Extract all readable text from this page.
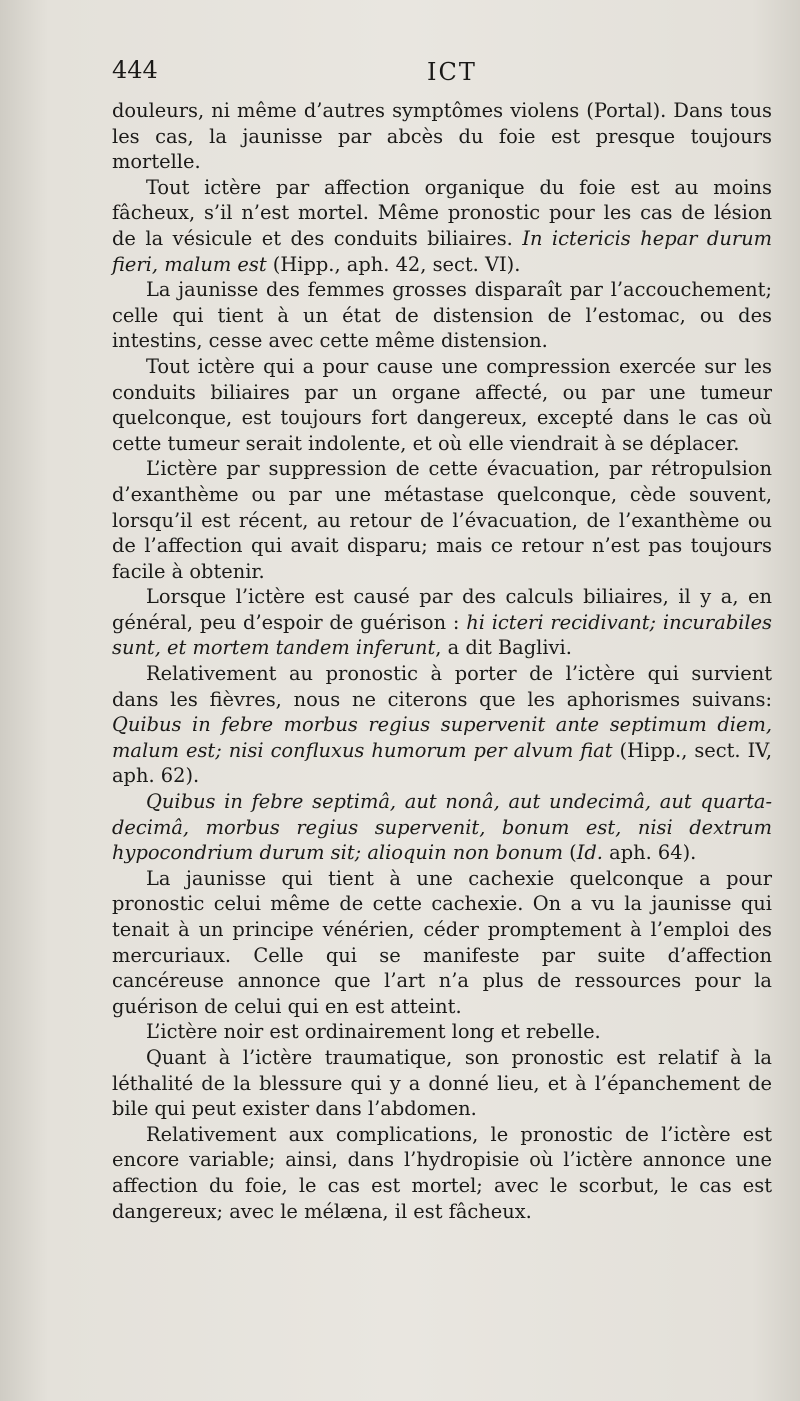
444	ICT

douleurs, ni même d’autres symptômes violens (Portal). Dans tous les cas, la jaunisse par abcès du foie est presque toujours mortelle.

Tout ictère par affection organique du foie est au moins fâcheux, s’il n’est mortel. Même pronostic pour les cas de lésion de la vésicule et des conduits biliaires. In ictericis hepar durum fieri, malum est (Hipp., aph. 42, sect. VI).

La jaunisse des femmes grosses disparaît par l’accouchement; celle qui tient à un état de distension de l’estomac, ou des intestins, cesse avec cette même distension.

Tout ictère qui a pour cause une compression exercée sur les conduits biliaires par un organe affecté, ou par une tumeur quelconque, est toujours fort dangereux, excepté dans le cas où cette tumeur serait indolente, et où elle viendrait à se déplacer.

L’ictère par suppression de cette évacuation, par rétropulsion d’exanthème ou par une métastase quelconque, cède souvent, lorsqu’il est récent, au retour de l’évacuation, de l’exanthème ou de l’affection qui avait disparu; mais ce retour n’est pas toujours facile à obtenir.

Lorsque l’ictère est causé par des calculs biliaires, il y a, en général, peu d’espoir de guérison : hi icteri recidivant; incurabiles sunt, et mortem tandem inferunt, a dit Baglivi.

Relativement au pronostic à porter de l’ictère qui survient dans les fièvres, nous ne citerons que les aphorismes suivans: Quibus in febre morbus regius supervenit ante septimum diem, malum est; nisi confluxus humorum per alvum fiat (Hipp., sect. IV, aph. 62).

Quibus in febre septimâ, aut nonâ, aut undecimâ, aut quarta-decimâ, morbus regius supervenit, bonum est, nisi dextrum hypocondrium durum sit; alioquin non bonum (Id. aph. 64).

La jaunisse qui tient à une cachexie quelconque a pour pronostic celui même de cette cachexie. On a vu la jaunisse qui tenait à un principe vénérien, céder promptement à l’emploi des mercuriaux. Celle qui se manifeste par suite d’affection cancéreuse annonce que l’art n’a plus de ressources pour la guérison de celui qui en est atteint.

L’ictère noir est ordinairement long et rebelle.

Quant à l’ictère traumatique, son pronostic est relatif à la léthalité de la blessure qui y a donné lieu, et à l’épanchement de bile qui peut exister dans l’abdomen.

Relativement aux complications, le pronostic de l’ictère est encore variable; ainsi, dans l’hydropisie où l’ictère annonce une affection du foie, le cas est mortel; avec le scorbut, le cas est dangereux; avec le mélæna, il est fâcheux.
